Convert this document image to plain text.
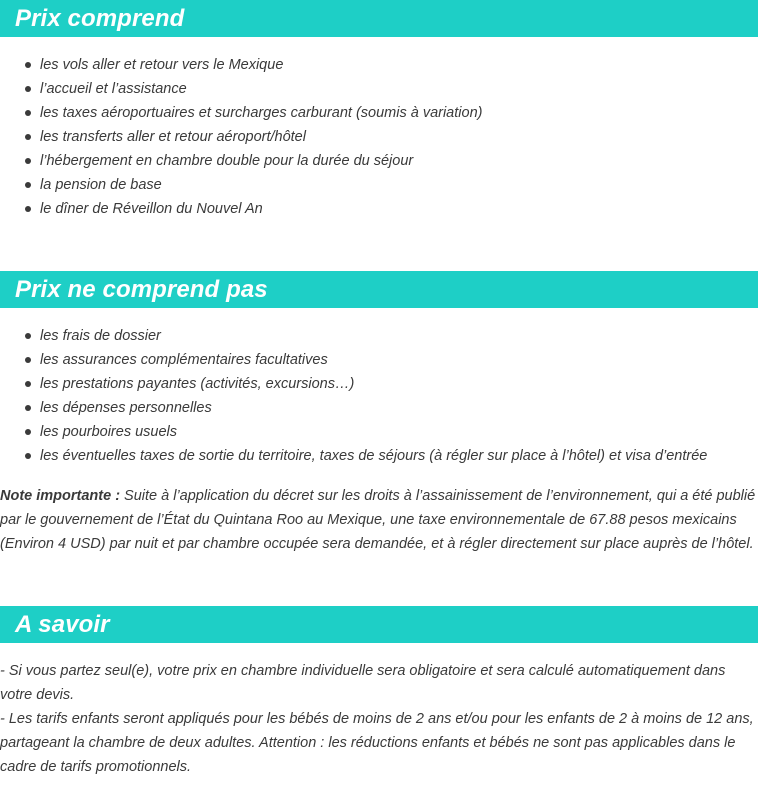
Prix comprend
les vols aller et retour vers le Mexique
l’accueil et l’assistance
les taxes aéroportuaires et surcharges carburant (soumis à variation)
les transferts aller et retour aéroport/hôtel
l’hébergement en chambre double pour la durée du séjour
la pension de base
le dîner de Réveillon du Nouvel An
Prix ne comprend pas
les frais de dossier
les assurances complémentaires facultatives
les prestations payantes (activités, excursions…)
les dépenses personnelles
les pourboires usuels
les éventuelles taxes de sortie du territoire, taxes de séjours (à régler sur place à l’hôtel) et visa d’entrée

Note importante : Suite à l’application du décret sur les droits à l’assainissement de l’environnement, qui a été publié par le gouvernement de l’État du Quintana Roo au Mexique, une taxe environnementale de 67.88 pesos mexicains (Environ 4 USD) par nuit et par chambre occupée sera demandée, et à régler directement sur place auprès de l’hôtel.

A savoir

- Si vous partez seul(e), votre prix en chambre individuelle sera obligatoire et sera calculé automatiquement dans votre devis.

- Les tarifs enfants seront appliqués pour les bébés de moins de 2 ans et/ou pour les enfants de 2 à moins de 12 ans, partageant la chambre de deux adultes. Attention : les réductions enfants et bébés ne sont pas applicables dans le cadre de tarifs promotionnels.
